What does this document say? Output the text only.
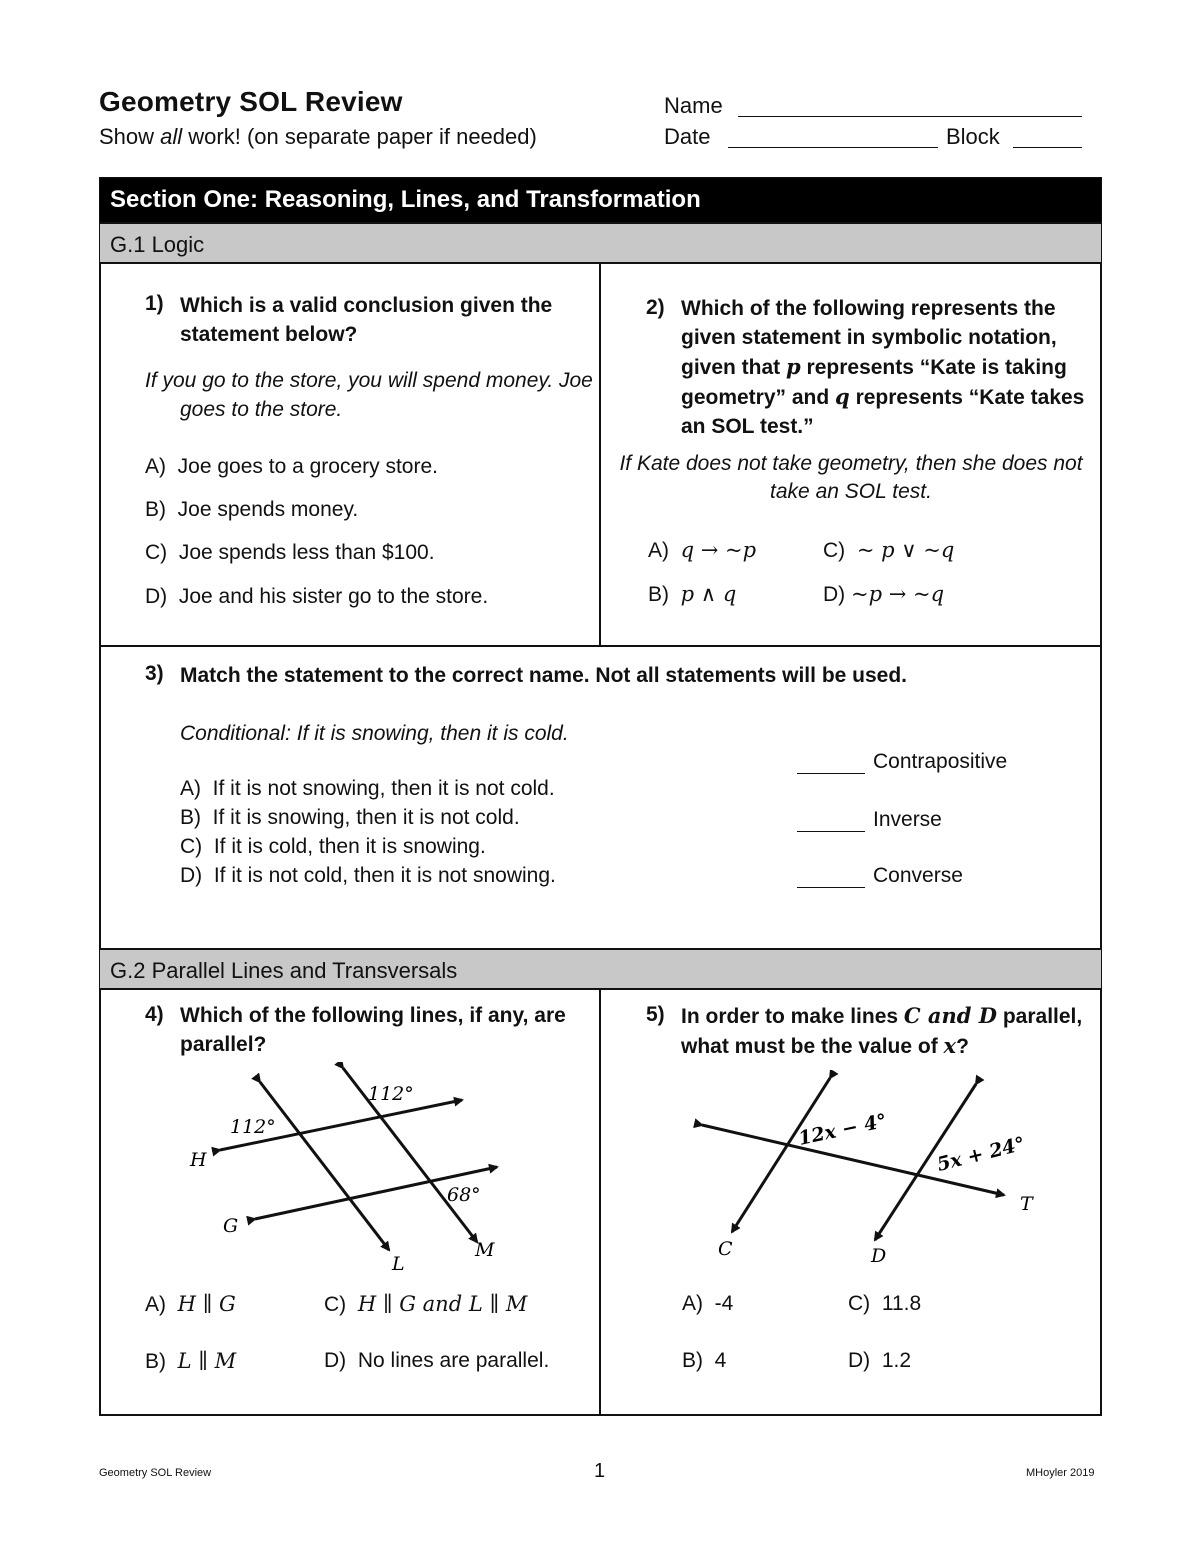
Geometry SOL Review
Show all work! (on separate paper if needed)
Name
Date	Block
Section One: Reasoning, Lines, and Transformation
G.1 Logic
G.2 Parallel Lines and Transversals
1) Which is a valid conclusion given the statement below?
If you go to the store, you will spend money. Joe goes to the store.
A) Joe goes to a grocery store.
B) Joe spends money.
C) Joe spends less than $100.
D) Joe and his sister go to the store.
2) Which of the following represents the given statement in symbolic notation, given that p represents “Kate is taking geometry” and q represents “Kate takes an SOL test.”
If Kate does not take geometry, then she does not take an SOL test.
A) q → ~p
B) p ∧ q
C) ~ p ∨ ~q
D) ~p → ~q
3) Match the statement to the correct name. Not all statements will be used.
Conditional: If it is snowing, then it is cold.
A) If it is not snowing, then it is not cold.
B) If it is snowing, then it is not cold.
C) If it is cold, then it is snowing.
D) If it is not cold, then it is not snowing.
Contrapositive
Inverse
Converse
4) Which of the following lines, if any, are parallel?
112°
112°
68°
H
G
L
M
A) H ∥ G
B) L ∥ M
C) H ∥ G and L ∥ M
D) No lines are parallel.
5) In order to make lines C and D parallel, what must be the value of x?
12x − 4°
5x + 24°
C	D
T
A) -4
B) 4
C) 11.8
D) 1.2
Geometry SOL Review	1	MHoyler 2019
